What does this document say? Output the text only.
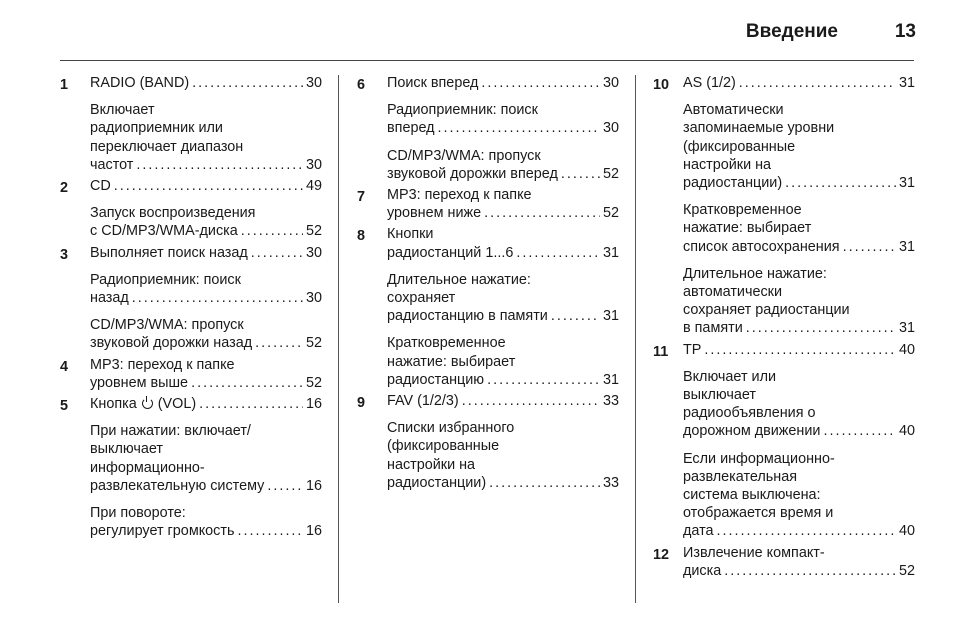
Введение	13
1 RADIO (BAND) . . .	30
Включает
радиоприемник или
переключает диапазон
частот . . .	30
2 CD . . .	49
Запуск воспроизведения
с CD/MP3/WMA-диска . . .	52
3 Выполняет поиск назад . . .	30
Радиоприемник: поиск
назад . . .	30
CD/MP3/WMA: пропуск
звуковой дорожки назад . . .	52
4 MP3: переход к папке
уровнем выше . . .	52
5 Кнопка (VOL) . . .	16
При нажатии: включает/
выключает
информационно-
развлекательную систему . . .	16
При повороте:
регулирует громкость . . .	16
6 Поиск вперед . . .	30
Радиоприемник: поиск
вперед . . .	30
CD/MP3/WMA: пропуск
звуковой дорожки вперед . . .	52
7 MP3: переход к папке
уровнем ниже . . .	52
8 Кнопки
радиостанций 1...6 . . .	31
Длительное нажатие:
сохраняет
радиостанцию в памяти . . .	31
Кратковременное
нажатие: выбирает
радиостанцию . . .	31
9 FAV (1/2/3) . . .	33
Списки избранного
(фиксированные
настройки на
радиостанции) . . .	33
10 AS (1/2) . . .	31
Автоматически
запоминаемые уровни
(фиксированные
настройки на
радиостанции) . . .	31
Кратковременное
нажатие: выбирает
список автосохранения . . .	31
Длительное нажатие:
автоматически
сохраняет радиостанции
в памяти . . .	31
11 TP . . .	40
Включает или
выключает
радиообъявления о
дорожном движении . . .	40
Если информационно-
развлекательная
система выключена:
отображается время и
дата . . .	40
12 Извлечение компакт-
диска . . .	52
